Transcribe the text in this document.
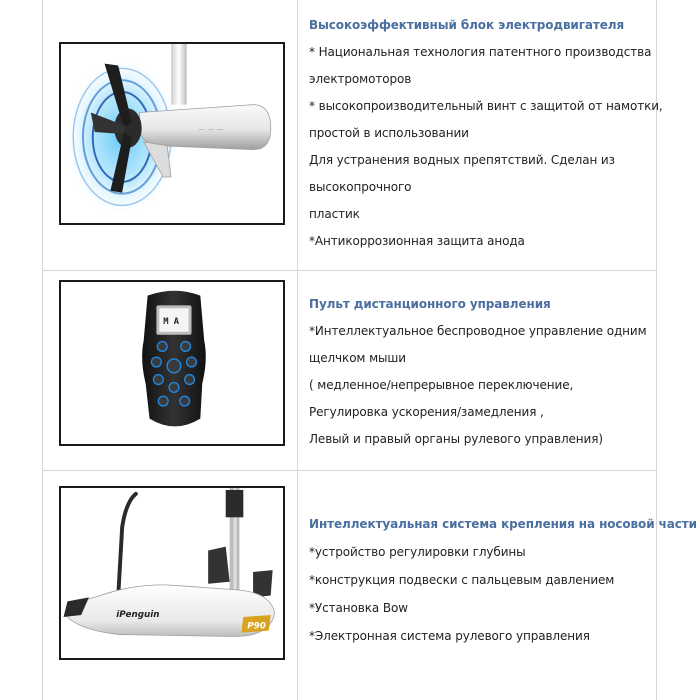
— — —

Высокоэффективный блок электродвигателя

* Национальная технология патентного производства

электромоторов

* высокопроизводительный винт с защитой от намотки,

простой в использовании

Для устранения водных препятствий. Сделан из

высокопрочного

пластик

*Антикоррозионная защита анода

M A

Пульт дистанционного управления

*Интеллектуальное беспроводное управление одним

щелчком мыши

( медленное/непрерывное переключение,

Регулировка ускорения/замедления ,

Левый и правый органы рулевого управления)

iPenguin
P90

Интеллектуальная система крепления на носовой части

*устройство регулировки глубины

*конструкция подвески с пальцевым давлением

*Установка Bow

*Электронная система рулевого управления
